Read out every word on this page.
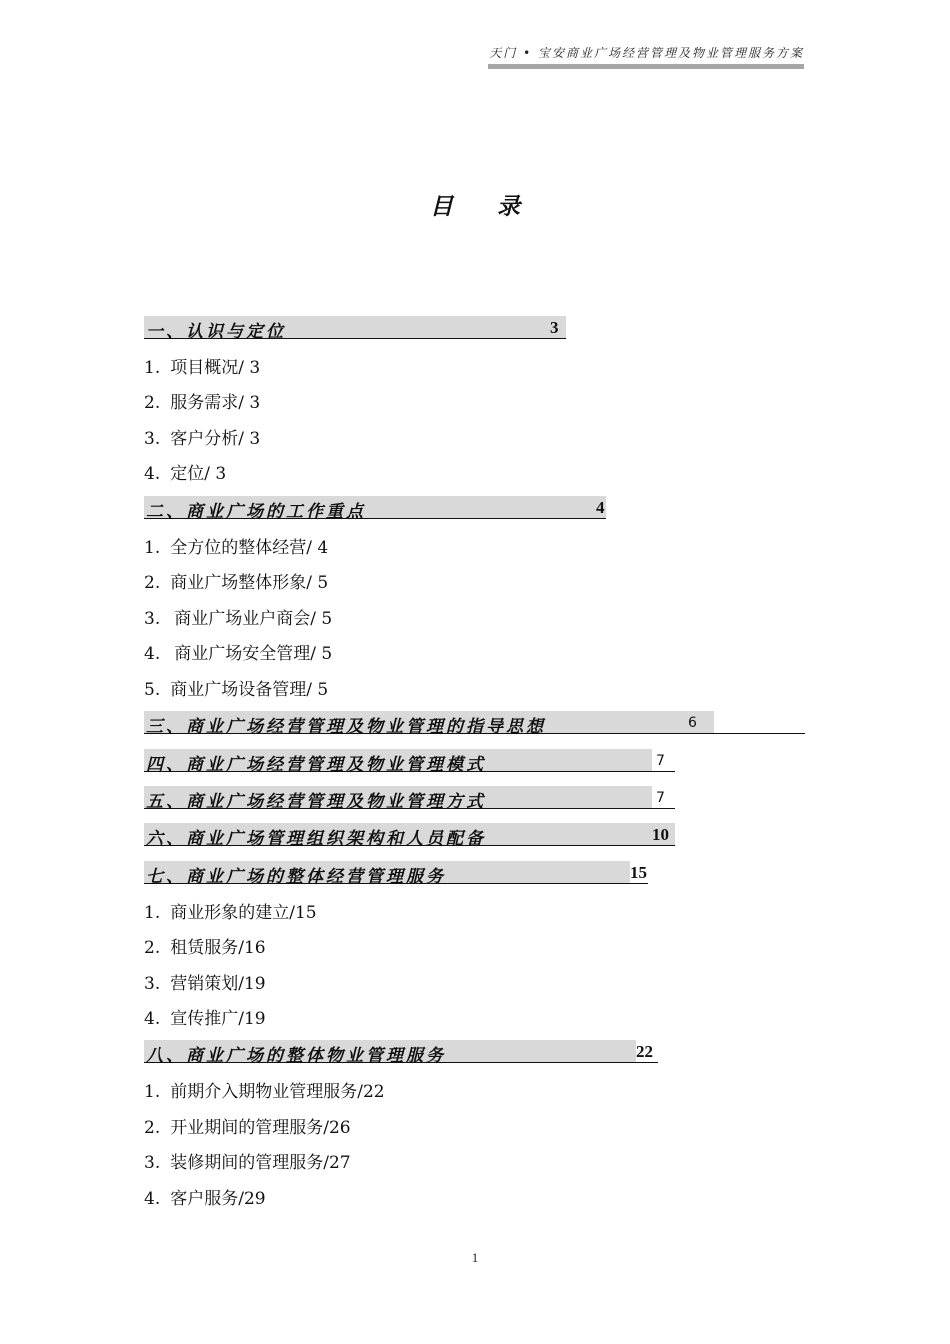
天门 • 宝安商业广场经营管理及物业管理服务方案
目 录
一、认识与定位	3
1. 项目概况/ 3
2. 服务需求/ 3
3. 客户分析/ 3
4. 定位/ 3
二、商业广场的工作重点	4
1. 全方位的整体经营/ 4
2. 商业广场整体形象/ 5
3. 商业广场业户商会/ 5
4. 商业广场安全管理/ 5
5. 商业广场设备管理/ 5
三、商业广场经营管理及物业管理的指导思想	6
四、商业广场经营管理及物业管理模式	7
五、商业广场经营管理及物业管理方式	7
六、商业广场管理组织架构和人员配备	10
七、商业广场的整体经营管理服务	15
1. 商业形象的建立/15
2. 租赁服务/16
3. 营销策划/19
4. 宣传推广/19
八、商业广场的整体物业管理服务	22
1. 前期介入期物业管理服务/22
2. 开业期间的管理服务/26
3. 装修期间的管理服务/27
4. 客户服务/29
1
